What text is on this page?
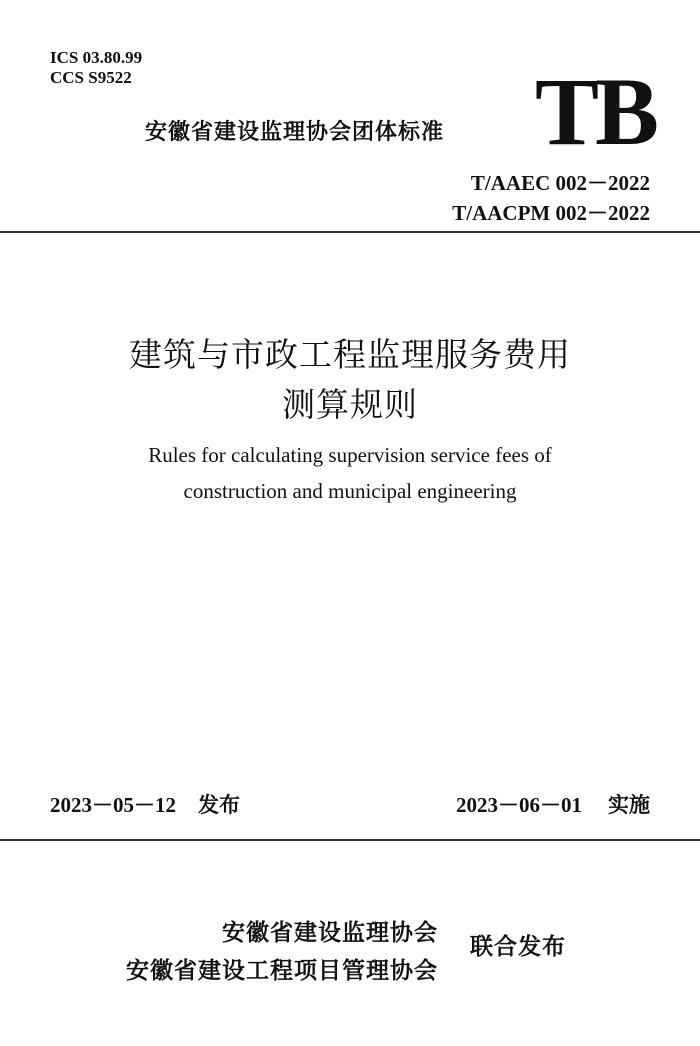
ICS 03.80.99
CCS S9522
安徽省建设监理协会团体标准 TB
T/AAEC 002－2022
T/AACPM 002－2022
建筑与市政工程监理服务费用
测算规则
Rules for calculating supervision service fees of
construction and municipal engineering
2023－05－12 发布	2023－06－01 实施
安徽省建设监理协会
安徽省建设工程项目管理协会
联合发布
